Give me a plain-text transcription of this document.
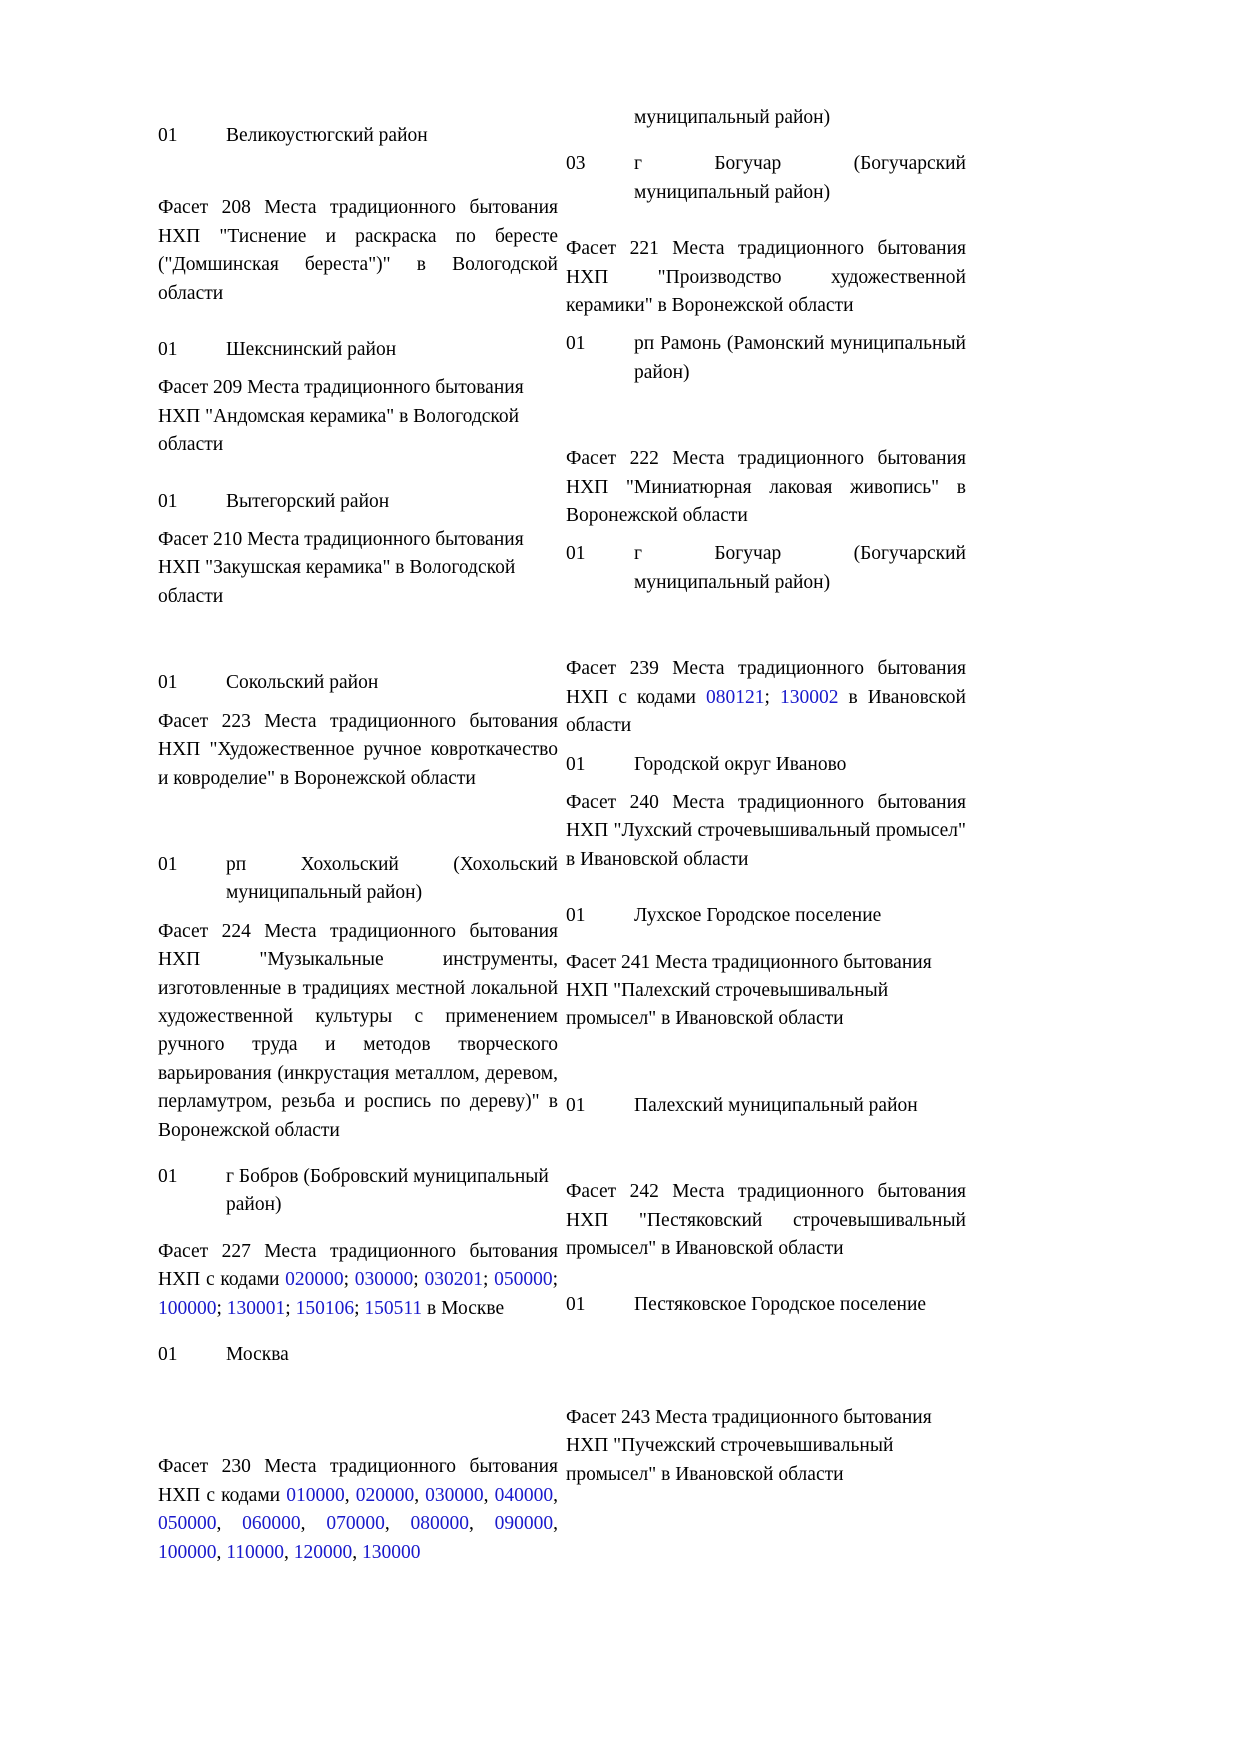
01	Великоустюгский район
Фасет 208 Места традиционного бытования НХП "Тиснение и раскраска по бересте ("Домшинская береста")" в Вологодской области
01	Шекснинский район
Фасет 209 Места традиционного бытования НХП "Андомская керамика" в Вологодской области
01	Вытегорский район
Фасет 210 Места традиционного бытования НХП "Закушская керамика" в Вологодской области
01	Сокольский район
Фасет 223 Места традиционного бытования НХП "Художественное ручное ковроткачество и ковроделие" в Воронежской области
01	рп Хохольский (Хохольский муниципальный район)
Фасет 224 Места традиционного бытования НХП "Музыкальные инструменты, изготовленные в традициях местной локальной художественной культуры с применением ручного труда и методов творческого варьирования (инкрустация металлом, деревом, перламутром, резьба и роспись по дереву)" в Воронежской области
01	г Бобров (Бобровский муниципальный район)
Фасет 227 Места традиционного бытования НХП с кодами 020000; 030000; 030201; 050000; 100000; 130001; 150106; 150511 в Москве
01	Москва
Фасет 230 Места традиционного бытования НХП с кодами 010000, 020000, 030000, 040000, 050000, 060000, 070000, 080000, 090000, 100000, 110000, 120000, 130000
муниципальный район)
03	г Богучар (Богучарский муниципальный район)
Фасет 221 Места традиционного бытования НХП "Производство художественной керамики" в Воронежской области
01	рп Рамонь (Рамонский муниципальный район)
Фасет 222 Места традиционного бытования НХП "Миниатюрная лаковая живопись" в Воронежской области
01	г Богучар (Богучарский муниципальный район)
Фасет 239 Места традиционного бытования НХП с кодами 080121; 130002 в Ивановской области
01	Городской округ Иваново
Фасет 240 Места традиционного бытования НХП "Лухский строчевышивальный промысел" в Ивановской области
01	Лухское Городское поселение
Фасет 241 Места традиционного бытования НХП "Палехский строчевышивальный промысел" в Ивановской области
01	Палехский муниципальный район
Фасет 242 Места традиционного бытования НХП "Пестяковский строчевышивальный промысел" в Ивановской области
01	Пестяковское Городское поселение
Фасет 243 Места традиционного бытования НХП "Пучежский строчевышивальный промысел" в Ивановской области
